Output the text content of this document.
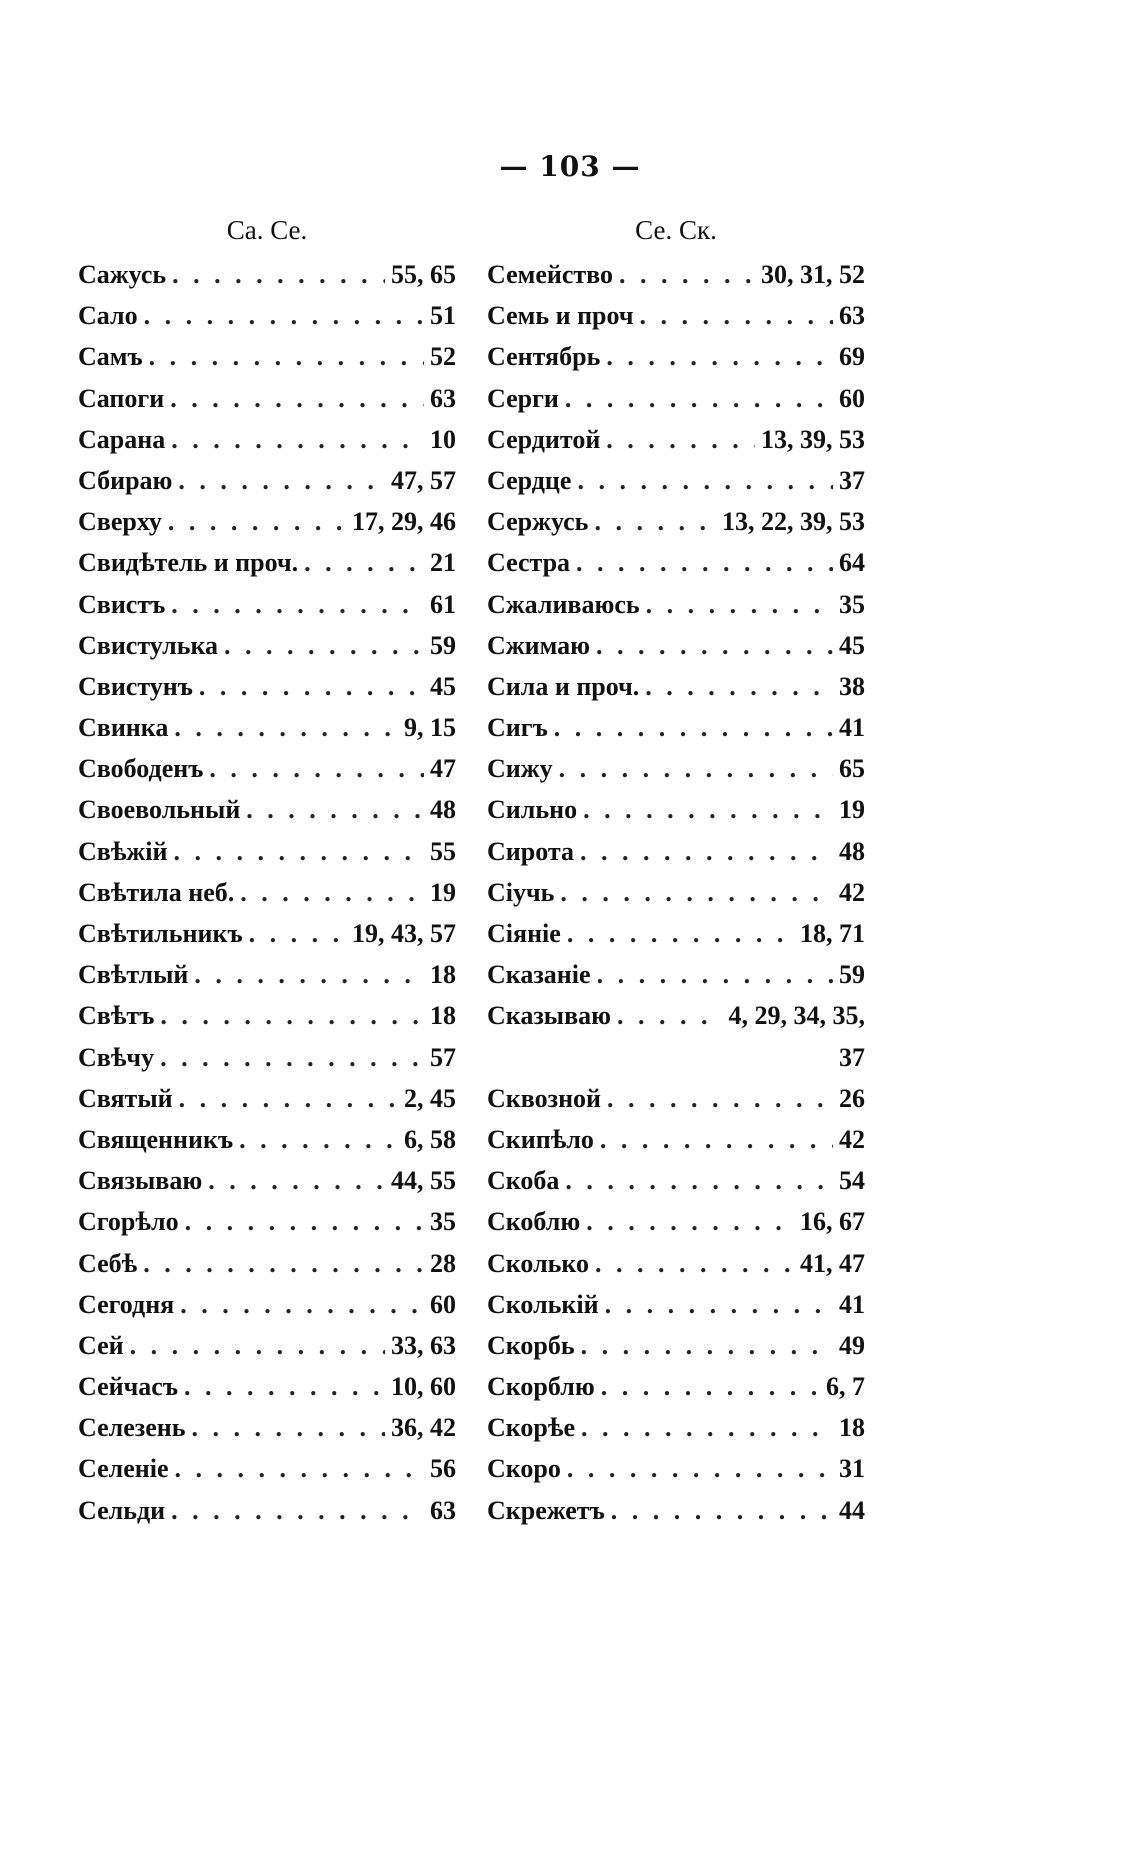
— 103 —
Са. Се.
Сажусь . . .	55, 65
Сало . . .	51
Самъ . . .	52
Сапоги . . .	63
Сарана . . .	10
Сбираю . . .	47, 57
Сверху . . .	17, 29, 46
Свидѣтель и проч. . . .	21
Свистъ . . .	61
Свистулька . . .	59
Свистунъ . . .	45
Свинка . . .	9, 15
Свободенъ . . .	47
Своевольный . . .	48
Свѣжій . . .	55
Свѣтила неб. . . .	19
Свѣтильникъ . . .	19, 43, 57
Свѣтлый . . .	18
Свѣтъ . . .	18
Свѣчу . . .	57
Святый . . .	2, 45
Священникъ . . .	6, 58
Связываю . . .	44, 55
Сгорѣло . . .	35
Себѣ . . .	28
Сегодня . . .	60
Сей . . .	33, 63
Сейчасъ . . .	10, 60
Селезень . . .	36, 42
Селеніе . . .	56
Сельди . . .	63
Се. Ск.
Семейство . . .	30, 31, 52
Семь и проч . . .	63
Сентябрь . . .	69
Серги . . .	60
Сердитой . . .	13, 39, 53
Сердце . . .	37
Сержусь . . .	13, 22, 39, 53
Сестра . . .	64
Сжаливаюсь . . .	35
Сжимаю . . .	45
Сила и проч. . . .	38
Сигъ . . .	41
Сижу . . .	65
Сильно . . .	19
Сирота . . .	48
Сіучь . . .	42
Сіяніе . . .	18, 71
Сказаніе . . .	59
Сказываю . . .	4, 29, 34, 35,
37
Сквозной . . .	26
Скипѣло . . .	42
Скоба . . .	54
Скоблю . . .	16, 67
Сколько . . .	41, 47
Сколькій . . .	41
Скорбь . . .	49
Скорблю . . .	6, 7
Скорѣе . . .	18
Скоро . . .	31
Скрежетъ . . .	44
